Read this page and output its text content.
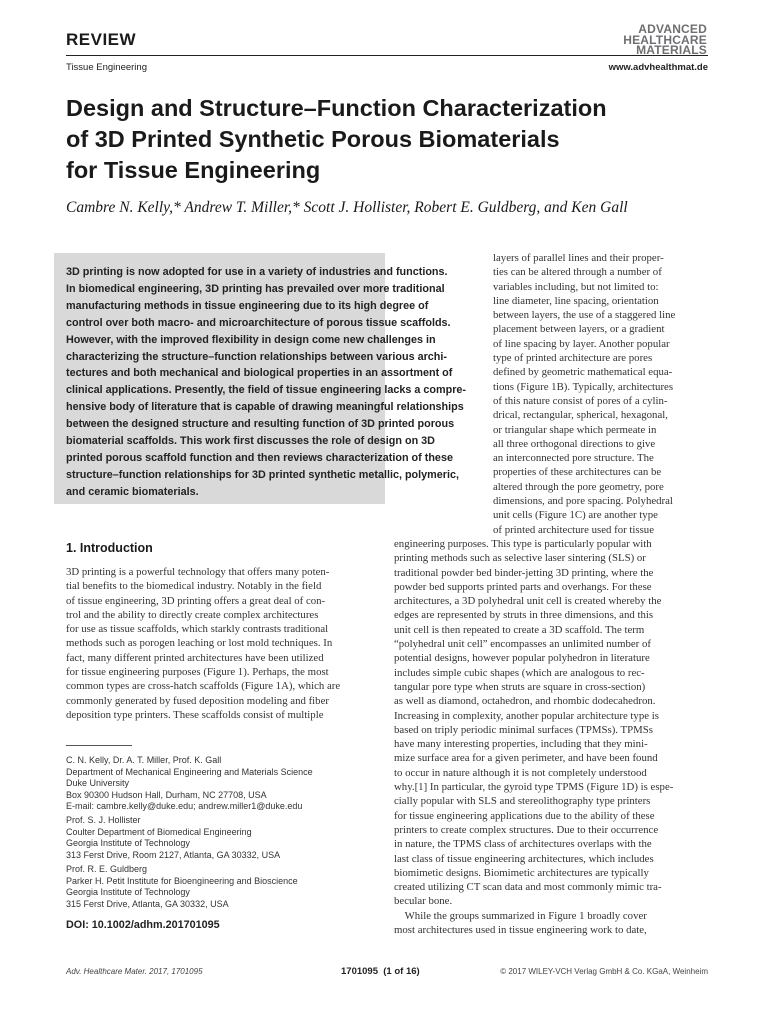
REVIEW
Tissue Engineering
ADVANCED
HEALTHCARE
MATERIALS
www.advhealthmat.de
Design and Structure–Function Characterization
of 3D Printed Synthetic Porous Biomaterials
for Tissue Engineering
Cambre N. Kelly,* Andrew T. Miller,* Scott J. Hollister, Robert E. Guldberg, and Ken Gall
3D printing is now adopted for use in a variety of industries and functions.
In biomedical engineering, 3D printing has prevailed over more traditional
manufacturing methods in tissue engineering due to its high degree of
control over both macro- and microarchitecture of porous tissue scaffolds.
However, with the improved flexibility in design come new challenges in
characterizing the structure–function relationships between various archi-
tectures and both mechanical and biological properties in an assortment of
clinical applications. Presently, the field of tissue engineering lacks a compre-
hensive body of literature that is capable of drawing meaningful relationships
between the designed structure and resulting function of 3D printed porous
biomaterial scaffolds. This work first discusses the role of design on 3D
printed porous scaffold function and then reviews characterization of these
structure–function relationships for 3D printed synthetic metallic, polymeric,
and ceramic biomaterials.
layers of parallel lines and their proper-
ties can be altered through a number of
variables including, but not limited to:
line diameter, line spacing, orientation
between layers, the use of a staggered line
placement between layers, or a gradient
of line spacing by layer. Another popular
type of printed architecture are pores
defined by geometric mathematical equa-
tions (Figure 1B). Typically, architectures
of this nature consist of pores of a cylin-
drical, rectangular, spherical, hexagonal,
or triangular shape which permeate in
all three orthogonal directions to give
an interconnected pore structure. The
properties of these architectures can be
altered through the pore geometry, pore
dimensions, and pore spacing. Polyhedral
unit cells (Figure 1C) are another type
of printed architecture used for tissue
engineering purposes. This type is particularly popular with
printing methods such as selective laser sintering (SLS) or
traditional powder bed binder-jetting 3D printing, where the
powder bed supports printed parts and overhangs. For these
architectures, a 3D polyhedral unit cell is created whereby the
edges are represented by struts in three dimensions, and this
unit cell is then repeated to create a 3D scaffold. The term
“polyhedral unit cell” encompasses an unlimited number of
potential designs, however popular polyhedron in literature
includes simple cubic shapes (which are analogous to rec-
tangular pore type when struts are square in cross-section)
as well as diamond, octahedron, and rhombic dodecahedron.
Increasing in complexity, another popular architecture type is
based on triply periodic minimal surfaces (TPMSs). TPMSs
have many interesting properties, including that they mini-
mize surface area for a given perimeter, and have been found
to occur in nature although it is not completely understood
why.[1] In particular, the gyroid type TPMS (Figure 1D) is espe-
cially popular with SLS and stereolithography type printers
for tissue engineering applications due to the ability of these
printers to create complex structures. Due to their occurrence
in nature, the TPMS class of architectures overlaps with the
last class of tissue engineering architectures, which includes
biomimetic designs. Biomimetic architectures are typically
created utilizing CT scan data and most commonly mimic tra-
becular bone.
While the groups summarized in Figure 1 broadly cover
most architectures used in tissue engineering work to date,
1. Introduction
3D printing is a powerful technology that offers many poten-
tial benefits to the biomedical industry. Notably in the field
of tissue engineering, 3D printing offers a great deal of con-
trol and the ability to directly create complex architectures
for use as tissue scaffolds, which starkly contrasts traditional
methods such as porogen leaching or lost mold techniques. In
fact, many different printed architectures have been utilized
for tissue engineering purposes (Figure 1). Perhaps, the most
common types are cross-hatch scaffolds (Figure 1A), which are
commonly generated by fused deposition modeling and fiber
deposition type printers. These scaffolds consist of multiple
C. N. Kelly, Dr. A. T. Miller, Prof. K. Gall
Department of Mechanical Engineering and Materials Science
Duke University
Box 90300 Hudson Hall, Durham, NC 27708, USA
E-mail: cambre.kelly@duke.edu; andrew.miller1@duke.edu
Prof. S. J. Hollister
Coulter Department of Biomedical Engineering
Georgia Institute of Technology
313 Ferst Drive, Room 2127, Atlanta, GA 30332, USA
Prof. R. E. Guldberg
Parker H. Petit Institute for Bioengineering and Bioscience
Georgia Institute of Technology
315 Ferst Drive, Atlanta, GA 30332, USA
DOI: 10.1002/adhm.201701095
Adv. Healthcare Mater. 2017, 1701095	1701095  (1 of 16)	© 2017 WILEY-VCH Verlag GmbH & Co. KGaA, Weinheim
